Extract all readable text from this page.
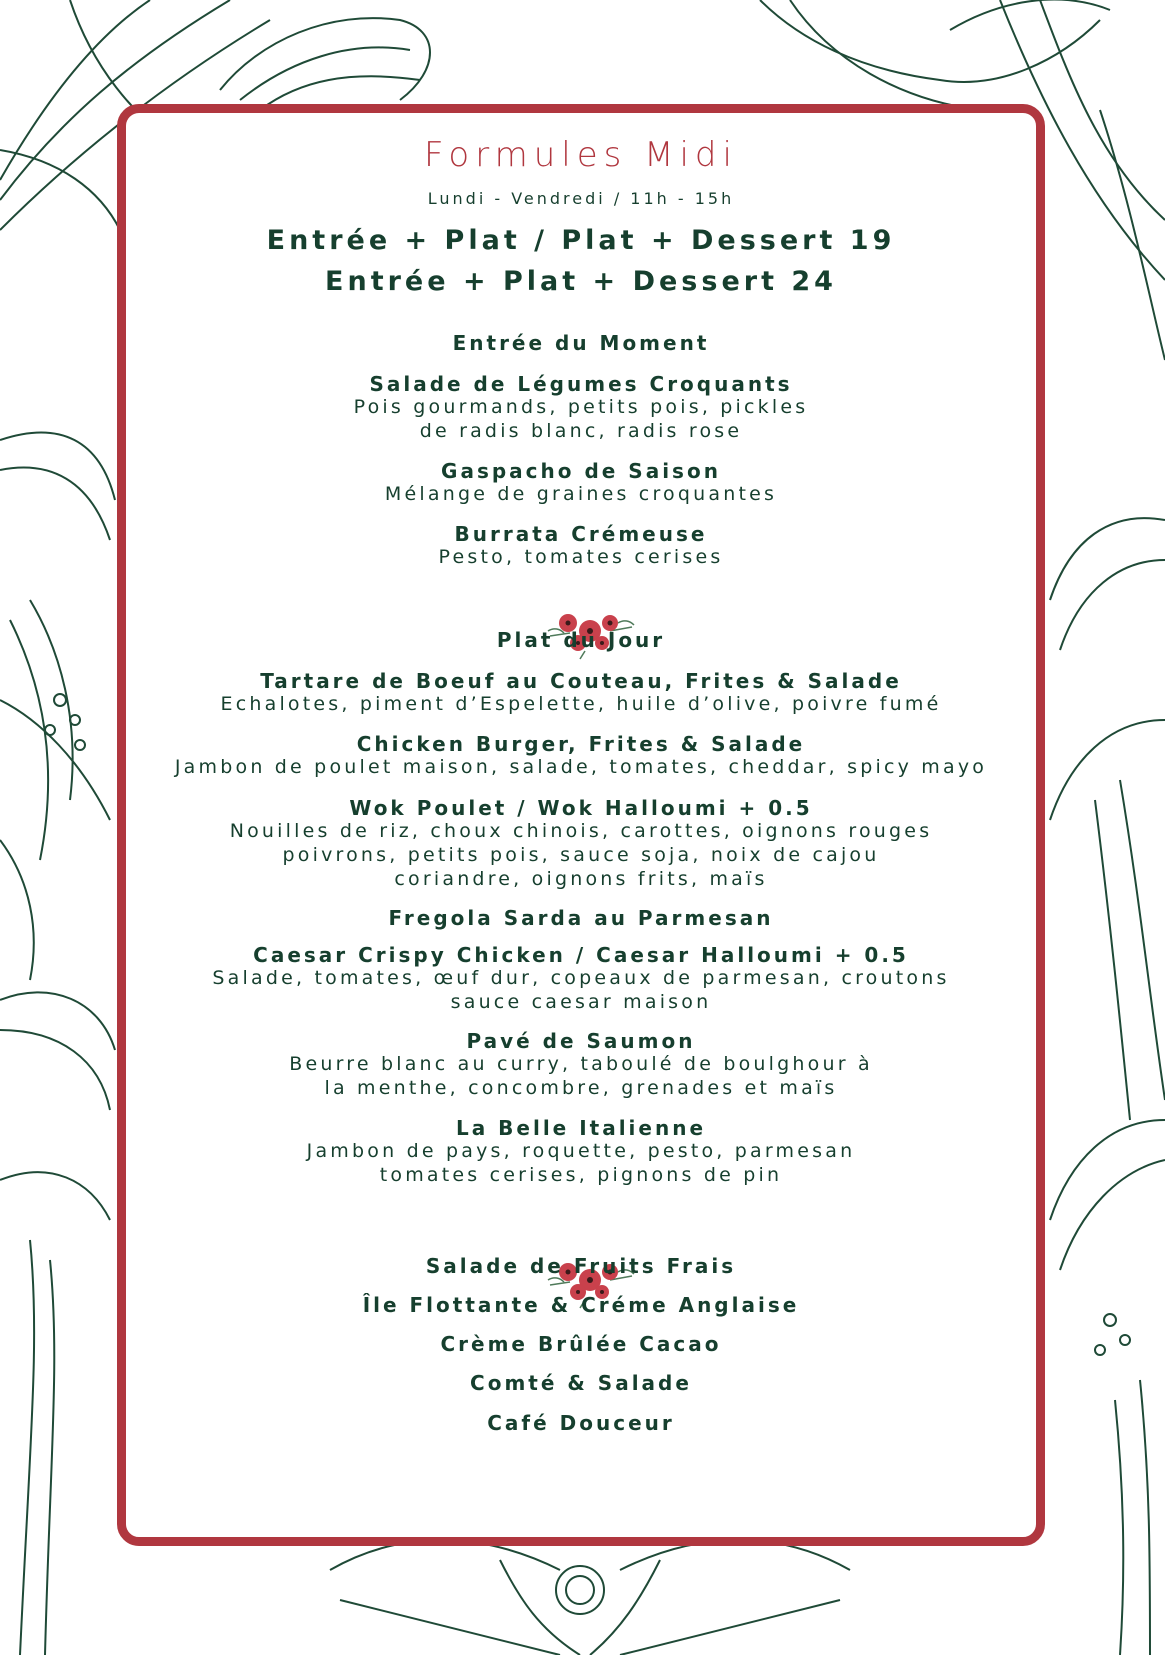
Formules Midi
Lundi - Vendredi / 11h - 15h
Entrée + Plat / Plat + Dessert 19
Entrée + Plat + Dessert 24
Entrée du Moment
Salade de Légumes Croquants
Pois gourmands, petits pois, pickles
de radis blanc, radis rose
Gaspacho de Saison
Mélange de graines croquantes
Burrata Crémeuse
Pesto, tomates cerises
Plat du Jour
Tartare de Boeuf au Couteau, Frites & Salade
Echalotes, piment d’Espelette, huile d’olive, poivre fumé
Chicken Burger, Frites & Salade
Jambon de poulet maison, salade, tomates, cheddar, spicy mayo
Wok Poulet / Wok Halloumi + 0.5
Nouilles de riz, choux chinois, carottes, oignons rouges
poivrons, petits pois, sauce soja, noix de cajou
coriandre, oignons frits, maïs
Fregola Sarda au Parmesan
Caesar Crispy Chicken / Caesar Halloumi + 0.5
Salade, tomates, œuf dur, copeaux de parmesan, croutons
sauce caesar maison
Pavé de Saumon
Beurre blanc au curry, taboulé de boulghour à
la menthe, concombre, grenades et maïs
La Belle Italienne
Jambon de pays, roquette, pesto, parmesan
tomates cerises, pignons de pin
Salade de Fruits Frais
Île Flottante & Créme Anglaise
Crème Brûlée Cacao
Comté & Salade
Café Douceur
